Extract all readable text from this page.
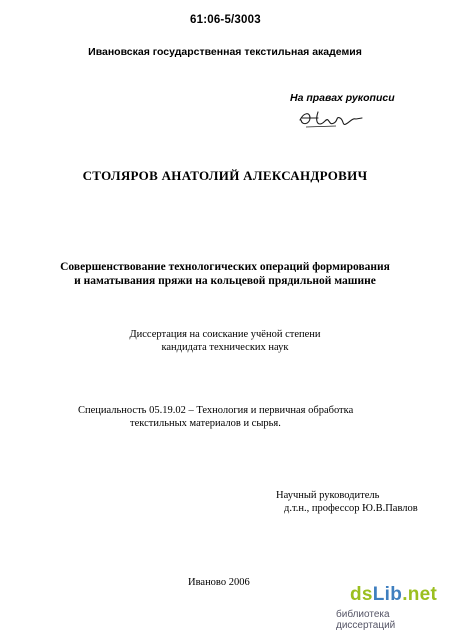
61:06-5/3003
Ивановская государственная текстильная академия
На правах рукописи
СТОЛЯРОВ АНАТОЛИЙ АЛЕКСАНДРОВИЧ
Совершенствование технологических операций формирования
и наматывания пряжи на кольцевой прядильной машине
Диссертация на соискание учёной степени
кандидата технических наук
Специальность 05.19.02 – Технология и первичная обработка
текстильных материалов и сырья.
Научный руководитель
д.т.н., профессор Ю.В.Павлов
Иваново 2006
dsLib.net
библиотека диссертаций
